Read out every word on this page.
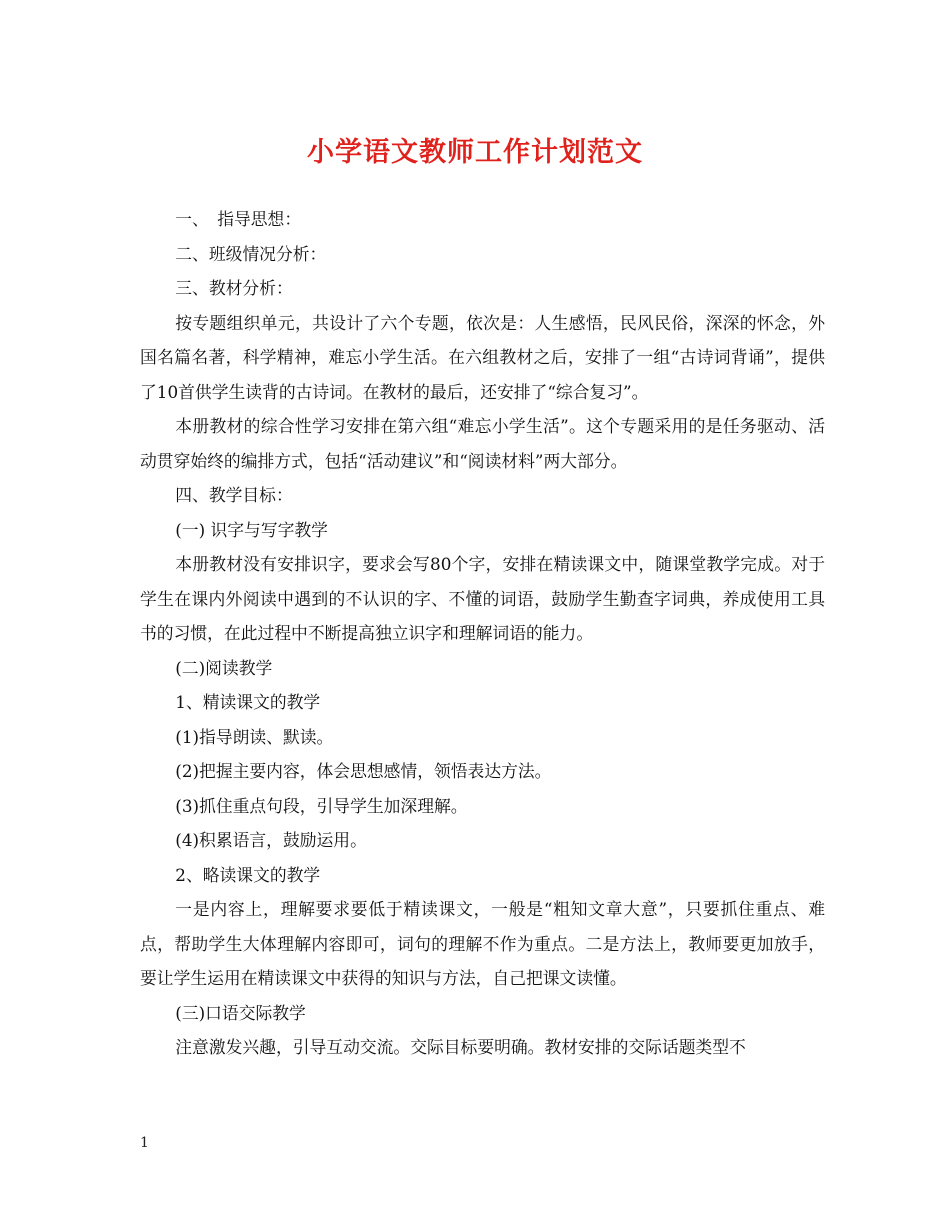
小学语文教师工作计划范文

一、　指导思想：

二、班级情况分析：

三、教材分析：

按专题组织单元，共设计了六个专题，依次是：人生感悟，民风民俗，深深的怀念，外国名篇名著，科学精神，难忘小学生活。在六组教材之后，安排了一组“古诗词背诵”，提供了10首供学生读背的古诗词。在教材的最后，还安排了“综合复习”。

本册教材的综合性学习安排在第六组“难忘小学生活”。这个专题采用的是任务驱动、活动贯穿始终的编排方式，包括“活动建议”和“阅读材料”两大部分。

四、教学目标：

(一) 识字与写字教学

本册教材没有安排识字，要求会写80个字，安排在精读课文中，随课堂教学完成。对于学生在课内外阅读中遇到的不认识的字、不懂的词语，鼓励学生勤查字词典，养成使用工具书的习惯，在此过程中不断提高独立识字和理解词语的能力。

(二)阅读教学

1、精读课文的教学

(1)指导朗读、默读。

(2)把握主要内容，体会思想感情，领悟表达方法。

(3)抓住重点句段，引导学生加深理解。

(4)积累语言，鼓励运用。

2、略读课文的教学

一是内容上，理解要求要低于精读课文，一般是“粗知文章大意”，只要抓住重点、难点，帮助学生大体理解内容即可，词句的理解不作为重点。二是方法上，教师要更加放手，要让学生运用在精读课文中获得的知识与方法，自己把课文读懂。

(三)口语交际教学

注意激发兴趣，引导互动交流。交际目标要明确。教材安排的交际话题类型不

1
